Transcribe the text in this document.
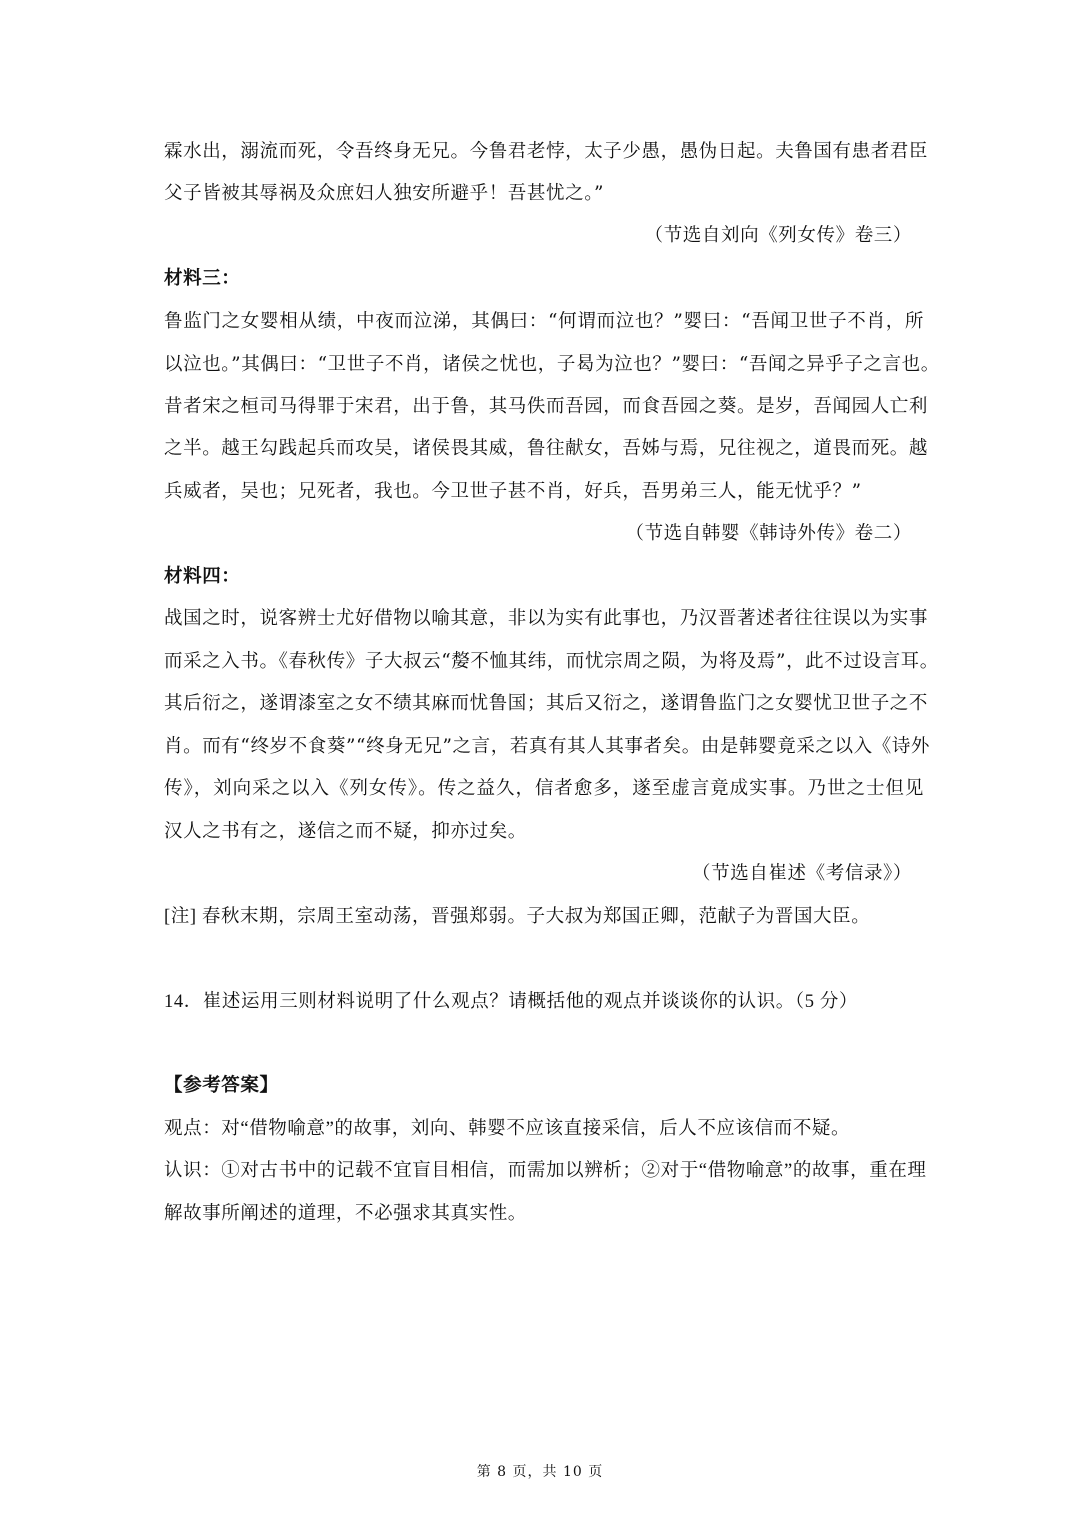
霖水出，溺流而死，令吾终身无兄。今鲁君老悖，太子少愚，愚伪日起。夫鲁国有患者君臣
父子皆被其辱祸及众庶妇人独安所避乎！吾甚忧之。”
（节选自刘向《列女传》卷三）
材料三：
鲁监门之女婴相从绩，中夜而泣涕，其偶曰：“何谓而泣也？”婴曰：“吾闻卫世子不肖，所
以泣也。”其偶曰：“卫世子不肖，诸侯之忧也，子曷为泣也？”婴曰：“吾闻之异乎子之言也。
昔者宋之桓司马得罪于宋君，出于鲁，其马佚而吾园，而食吾园之葵。是岁，吾闻园人亡利
之半。越王勾践起兵而攻吴，诸侯畏其威，鲁往献女，吾姊与焉，兄往视之，道畏而死。越
兵威者，吴也；兄死者，我也。今卫世子甚不肖，好兵，吾男弟三人，能无忧乎？”
（节选自韩婴《韩诗外传》卷二）
材料四：
战国之时，说客辨士尤好借物以喻其意，非以为实有此事也，乃汉晋著述者往往误以为实事
而采之入书。《春秋传》子大叔云“嫠不恤其纬，而忧宗周之陨，为将及焉”，此不过设言耳。
其后衍之，遂谓漆室之女不绩其麻而忧鲁国；其后又衍之，遂谓鲁监门之女婴忧卫世子之不
肖。而有“终岁不食葵”“终身无兄”之言，若真有其人其事者矣。由是韩婴竟采之以入《诗外
传》，刘向采之以入《列女传》。传之益久，信者愈多，遂至虚言竟成实事。乃世之士但见
汉人之书有之，遂信之而不疑，抑亦过矣。
（节选自崔述《考信录》）
[注] 春秋末期，宗周王室动荡，晋强郑弱。子大叔为郑国正卿，范献子为晋国大臣。
14．崔述运用三则材料说明了什么观点？请概括他的观点并谈谈你的认识。（5 分）
【参考答案】
观点：对“借物喻意”的故事，刘向、韩婴不应该直接采信，后人不应该信而不疑。
认识：①对古书中的记载不宜盲目相信，而需加以辨析；②对于“借物喻意”的故事，重在理
解故事所阐述的道理，不必强求其真实性。
第 8 页，共 10 页
